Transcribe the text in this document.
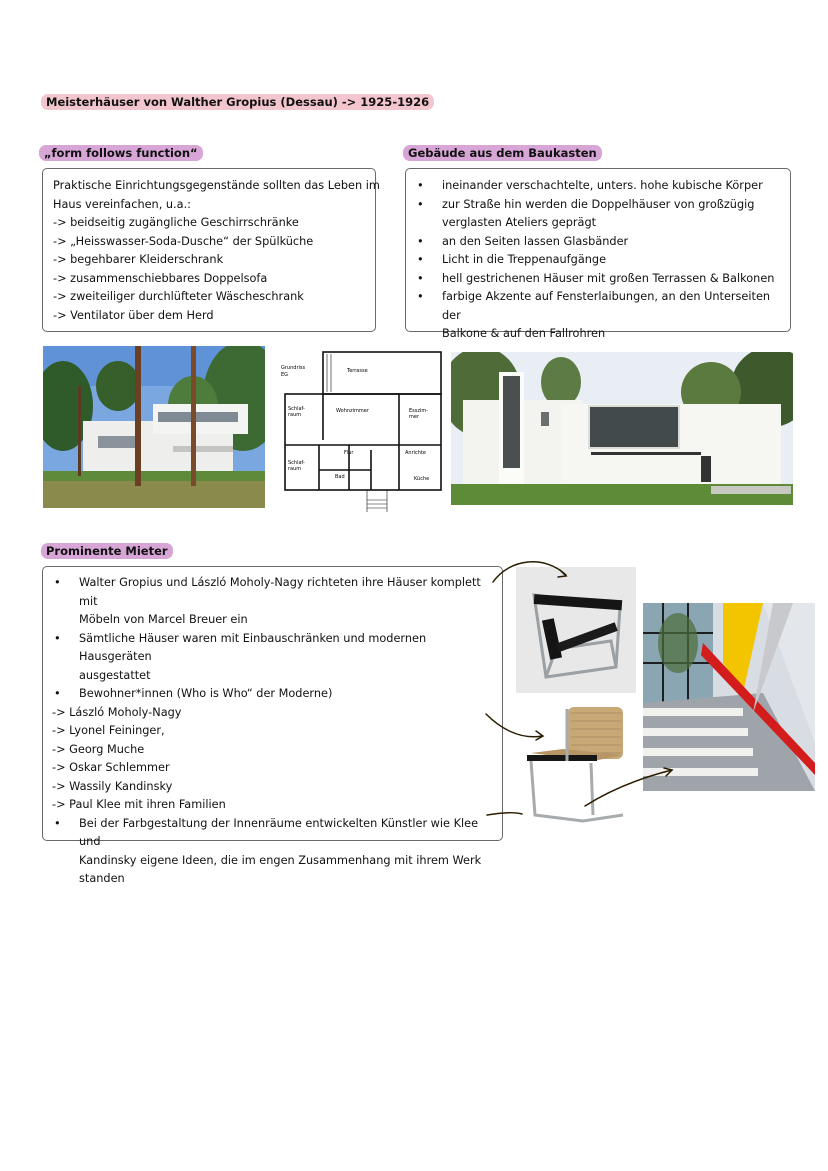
Meisterhäuser von Walther Gropius (Dessau) -> 1925-1926
„form follows function“
Praktische Einrichtungsgegenstände sollten das Leben im
Haus vereinfachen, u.a.:
-> beidseitig zugängliche Geschirrschränke
-> „Heisswasser-Soda-Dusche“ der Spülküche
-> begehbarer Kleiderschrank
-> zusammenschiebbares Doppelsofa
-> zweiteiliger durchlüfteter Wäscheschrank
-> Ventilator über dem Herd
Gebäude aus dem Baukasten
• ineinander verschachtelte, unters. hohe kubische Körper
• zur Straße hin werden die Doppelhäuser von großzügig
verglasten Ateliers geprägt
• an den Seiten lassen Glasbänder
• Licht in die Treppenaufgänge
• hell gestrichenen Häuser mit großen Terrassen & Balkonen
• farbige Akzente auf Fensterlaibungen, an den Unterseiten der
Balkone & auf den Fallrohren
Grundriss
EG
Terrasse
Schlaf-
raum
Wohnzimmer	Esszim-
mer
Schlaf-
raum
Flur	Anrichte
Bad	Küche
Prominente Mieter
• Walter Gropius und László Moholy-Nagy richteten ihre Häuser komplett mit
Möbeln von Marcel Breuer ein
• Sämtliche Häuser waren mit Einbauschränken und modernen Hausgeräten
ausgestattet
• Bewohner*innen (Who is Who“ der Moderne)
-> László Moholy-Nagy
-> Lyonel Feininger,
-> Georg Muche
-> Oskar Schlemmer
-> Wassily Kandinsky
-> Paul Klee mit ihren Familien
• Bei der Farbgestaltung der Innenräume entwickelten Künstler wie Klee und
Kandinsky eigene Ideen, die im engen Zusammenhang mit ihrem Werk
standen
